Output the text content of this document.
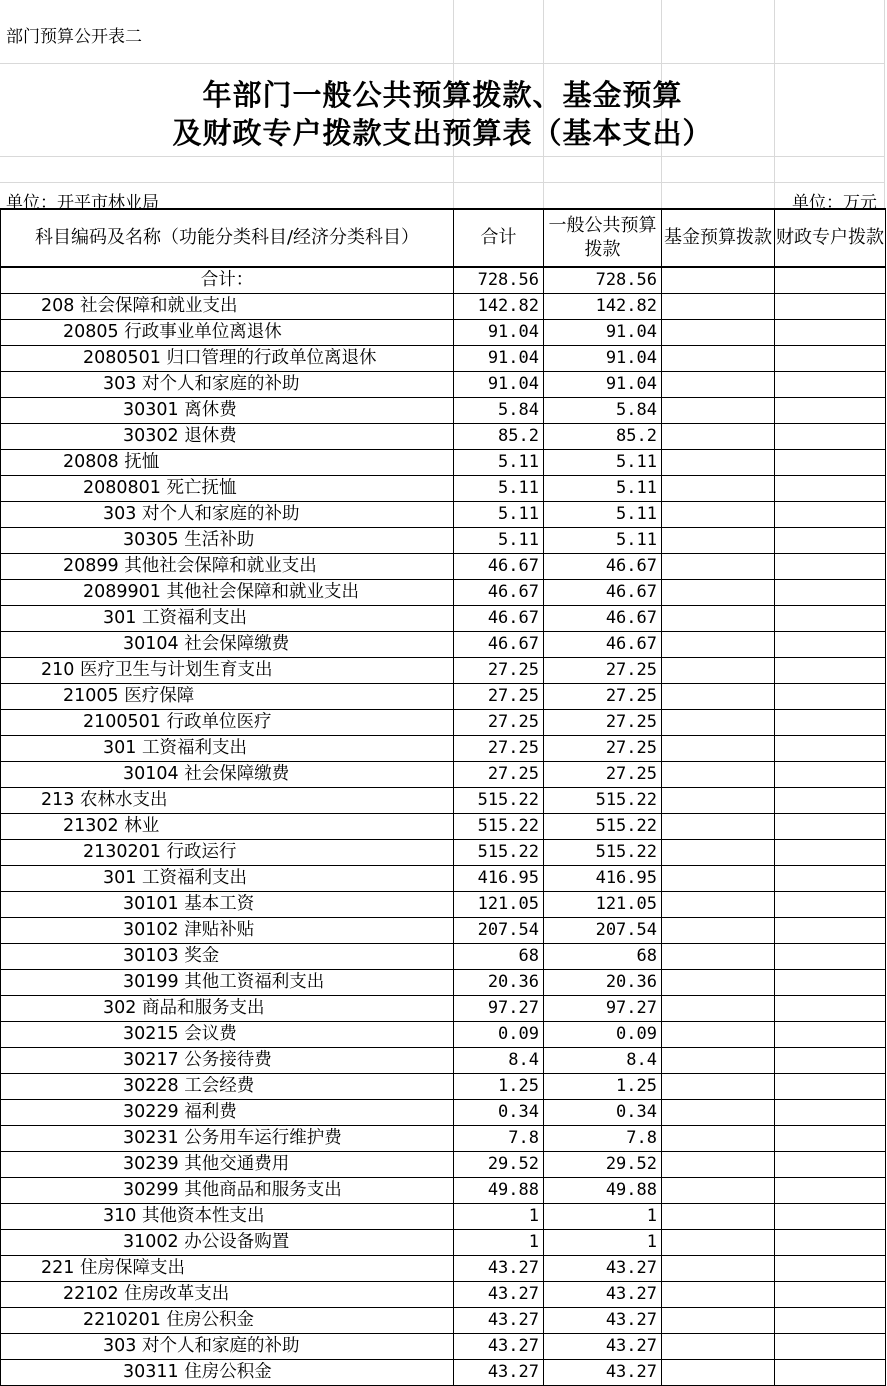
部门预算公开表二
年部门一般公共预算拨款、基金预算
及财政专户拨款支出预算表（基本支出）
单位：开平市林业局	单位：万元
科目编码及名称（功能分类科目/经济分类科目）	合计	一般公共预算拨款	基金预算拨款	财政专户拨款
合计：	728.56	728.56		
208 社会保障和就业支出	142.82	142.82		
20805 行政事业单位离退休	91.04	91.04		
2080501 归口管理的行政单位离退休	91.04	91.04		
303 对个人和家庭的补助	91.04	91.04		
30301 离休费	5.84	5.84		
30302 退休费	85.2	85.2		
20808 抚恤	5.11	5.11		
2080801 死亡抚恤	5.11	5.11		
303 对个人和家庭的补助	5.11	5.11		
30305 生活补助	5.11	5.11		
20899 其他社会保障和就业支出	46.67	46.67		
2089901 其他社会保障和就业支出	46.67	46.67		
301 工资福利支出	46.67	46.67		
30104 社会保障缴费	46.67	46.67		
210 医疗卫生与计划生育支出	27.25	27.25		
21005 医疗保障	27.25	27.25		
2100501 行政单位医疗	27.25	27.25		
301 工资福利支出	27.25	27.25		
30104 社会保障缴费	27.25	27.25		
213 农林水支出	515.22	515.22		
21302 林业	515.22	515.22		
2130201 行政运行	515.22	515.22		
301 工资福利支出	416.95	416.95		
30101 基本工资	121.05	121.05		
30102 津贴补贴	207.54	207.54		
30103 奖金	68	68		
30199 其他工资福利支出	20.36	20.36		
302 商品和服务支出	97.27	97.27		
30215 会议费	0.09	0.09		
30217 公务接待费	8.4	8.4		
30228 工会经费	1.25	1.25		
30229 福利费	0.34	0.34		
30231 公务用车运行维护费	7.8	7.8		
30239 其他交通费用	29.52	29.52		
30299 其他商品和服务支出	49.88	49.88		
310 其他资本性支出	1	1		
31002 办公设备购置	1	1		
221 住房保障支出	43.27	43.27		
22102 住房改革支出	43.27	43.27		
2210201 住房公积金	43.27	43.27		
303 对个人和家庭的补助	43.27	43.27		
30311 住房公积金	43.27	43.27		
